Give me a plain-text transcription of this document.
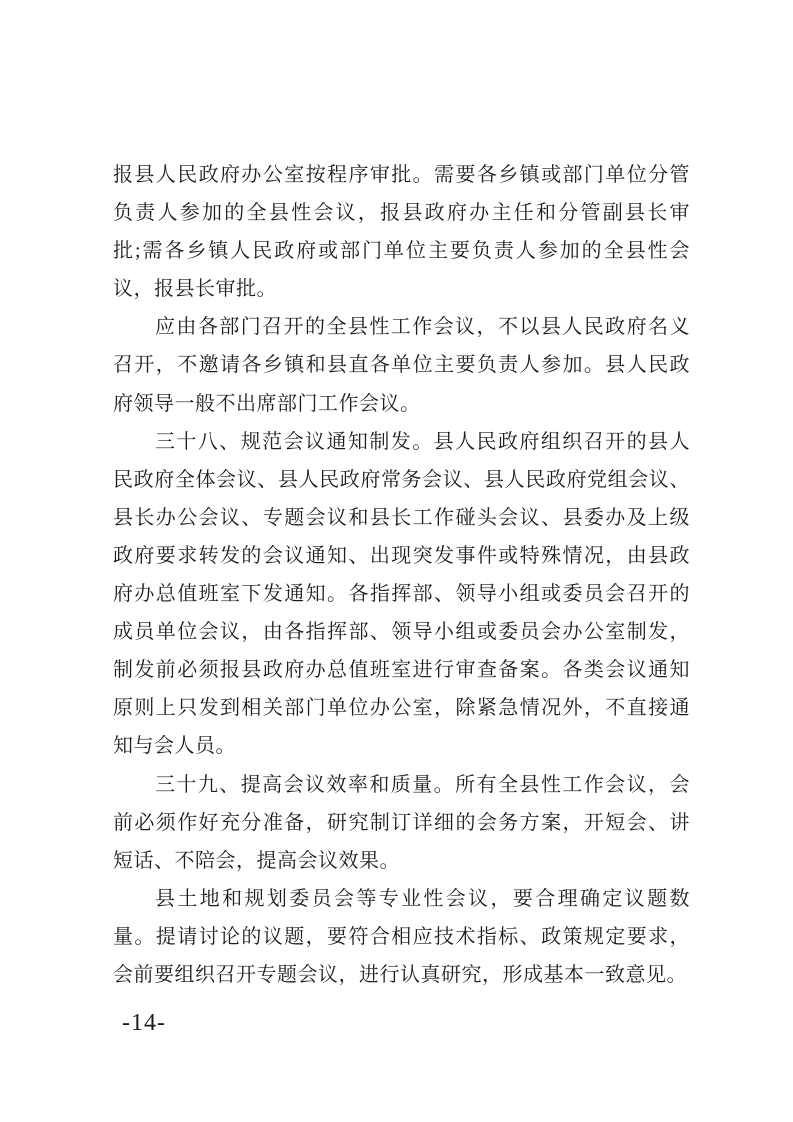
报县人民政府办公室按程序审批。需要各乡镇或部门单位分管
负责人参加的全县性会议，报县政府办主任和分管副县长审
批;需各乡镇人民政府或部门单位主要负责人参加的全县性会
议，报县长审批。
应由各部门召开的全县性工作会议，不以县人民政府名义
召开，不邀请各乡镇和县直各单位主要负责人参加。县人民政
府领导一般不出席部门工作会议。
三十八、规范会议通知制发。县人民政府组织召开的县人
民政府全体会议、县人民政府常务会议、县人民政府党组会议、
县长办公会议、专题会议和县长工作碰头会议、县委办及上级
政府要求转发的会议通知、出现突发事件或特殊情况，由县政
府办总值班室下发通知。各指挥部、领导小组或委员会召开的
成员单位会议，由各指挥部、领导小组或委员会办公室制发，
制发前必须报县政府办总值班室进行审查备案。各类会议通知
原则上只发到相关部门单位办公室，除紧急情况外，不直接通
知与会人员。
三十九、提高会议效率和质量。所有全县性工作会议，会
前必须作好充分准备，研究制订详细的会务方案，开短会、讲
短话、不陪会，提高会议效果。
县土地和规划委员会等专业性会议，要合理确定议题数
量。提请讨论的议题，要符合相应技术指标、政策规定要求，
会前要组织召开专题会议，进行认真研究，形成基本一致意见。
-14-
